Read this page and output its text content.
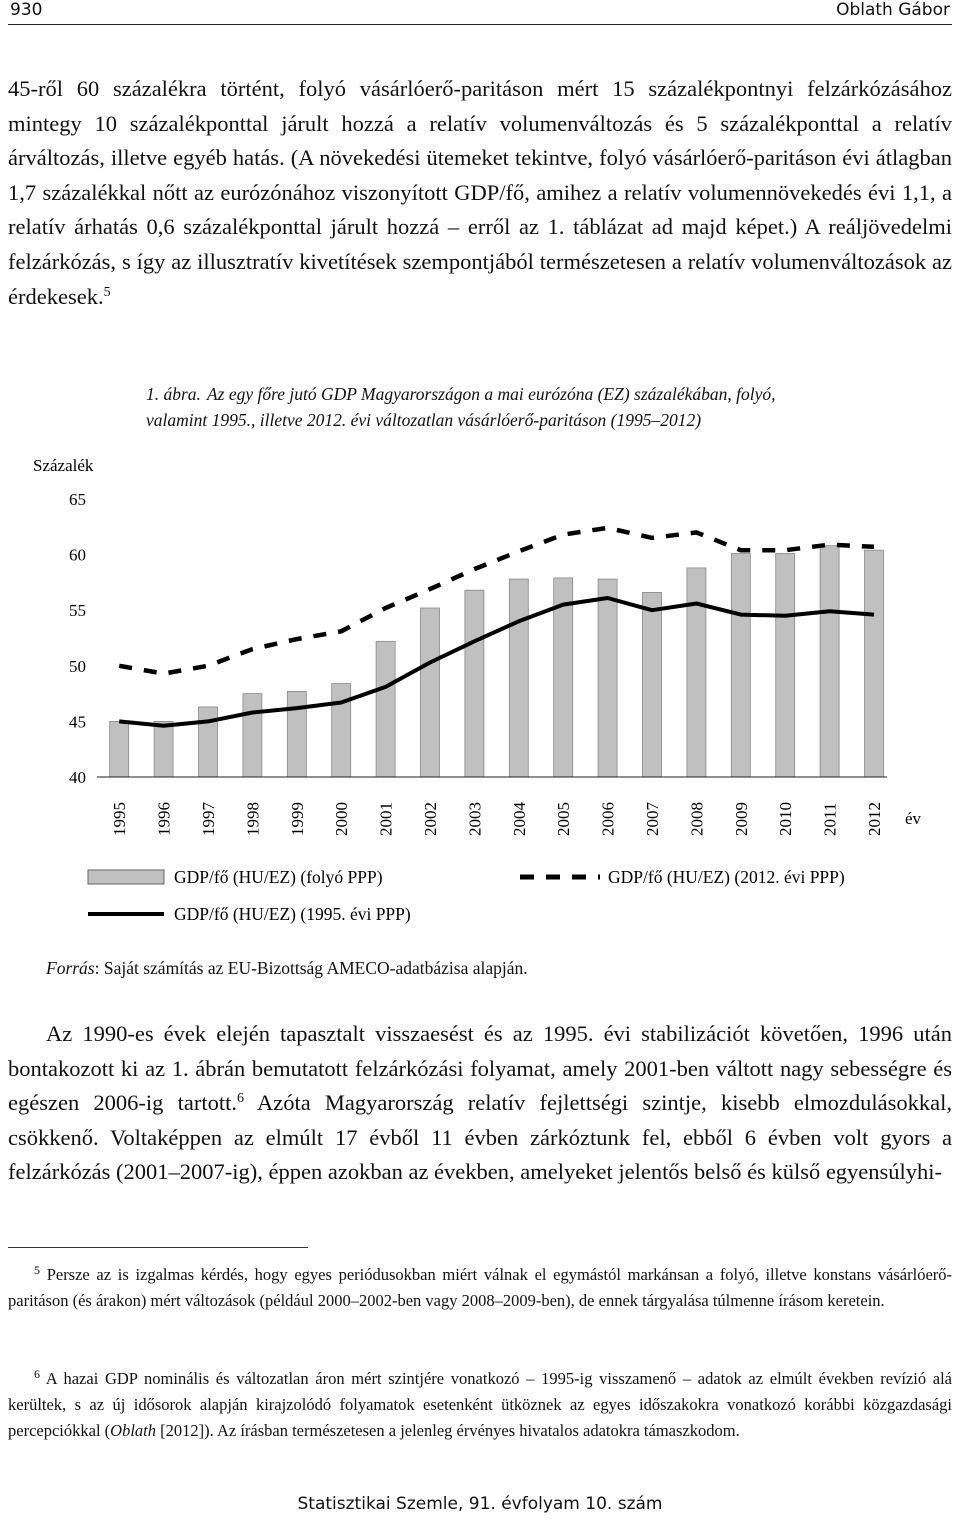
930	Oblath Gábor

45-ről 60 százalékra történt, folyó vásárlóerő-paritáson mért 15 százalékpontnyi felzárkózásához mintegy 10 százalékponttal járult hozzá a relatív volumenváltozás és 5 százalékponttal a relatív árváltozás, illetve egyéb hatás. (A növekedési ütemeket tekintve, folyó vásárlóerő-paritáson évi átlagban 1,7 százalékkal nőtt az eurózónához viszonyított GDP/fő, amihez a relatív volumennövekedés évi 1,1, a relatív árhatás 0,6 százalékponttal járult hozzá – erről az 1. táblázat ad majd képet.) A reáljövedelmi felzárkózás, s így az illusztratív kivetítések szempontjából természetesen a relatív volumenváltozások az érdekesek.$^5$

1. ábra. Az egy főre jutó GDP Magyarországon a mai eurózóna (EZ) százalékában, folyó,
valamint 1995., illetve 2012. évi változatlan vásárlóerő-paritáson (1995–2012)
Százalék
65
60
55
50
45
40
1995 1996 1997 1998 1999 2000 2001 2002 2003 2004 2005 2006 2007 2008 2009 2010 2011 2012 év
GDP/fő (HU/EZ) (folyó PPP)	GDP/fő (HU/EZ) (2012. évi PPP)
GDP/fő (HU/EZ) (1995. évi PPP)

Forrás: Saját számítás az EU-Bizottság AMECO-adatbázisa alapján.

Az 1990-es évek elején tapasztalt visszaesést és az 1995. évi stabilizációt követően, 1996 után bontakozott ki az 1. ábrán bemutatott felzárkózási folyamat, amely 2001-ben váltott nagy sebességre és egészen 2006-ig tartott.$^6$ Azóta Magyarország relatív fejlettségi szintje, kisebb elmozdulásokkal, csökkenő. Voltaképpen az elmúlt 17 évből 11 évben zárkóztunk fel, ebből 6 évben volt gyors a felzárkózás (2001–2007-ig), éppen azokban az években, amelyeket jelentős belső és külső egyensúlyhi-

$^5$ Persze az is izgalmas kérdés, hogy egyes periódusokban miért válnak el egymástól markánsan a folyó, illetve konstans vásárlóerő-paritáson (és árakon) mért változások (például 2000–2002-ben vagy 2008–2009-ben), de ennek tárgyalása túlmenne írásom keretein.

$^6$ A hazai GDP nominális és változatlan áron mért szintjére vonatkozó – 1995-ig visszamenő – adatok az elmúlt években revízió alá kerültek, s az új idősorok alapján kirajzolódó folyamatok esetenként ütköznek az egyes időszakokra vonatkozó korábbi közgazdasági percepciókkal (Oblath [2012]). Az írásban természetesen a jelenleg érvényes hivatalos adatokra támaszkodom.

Statisztikai Szemle, 91. évfolyam 10. szám
